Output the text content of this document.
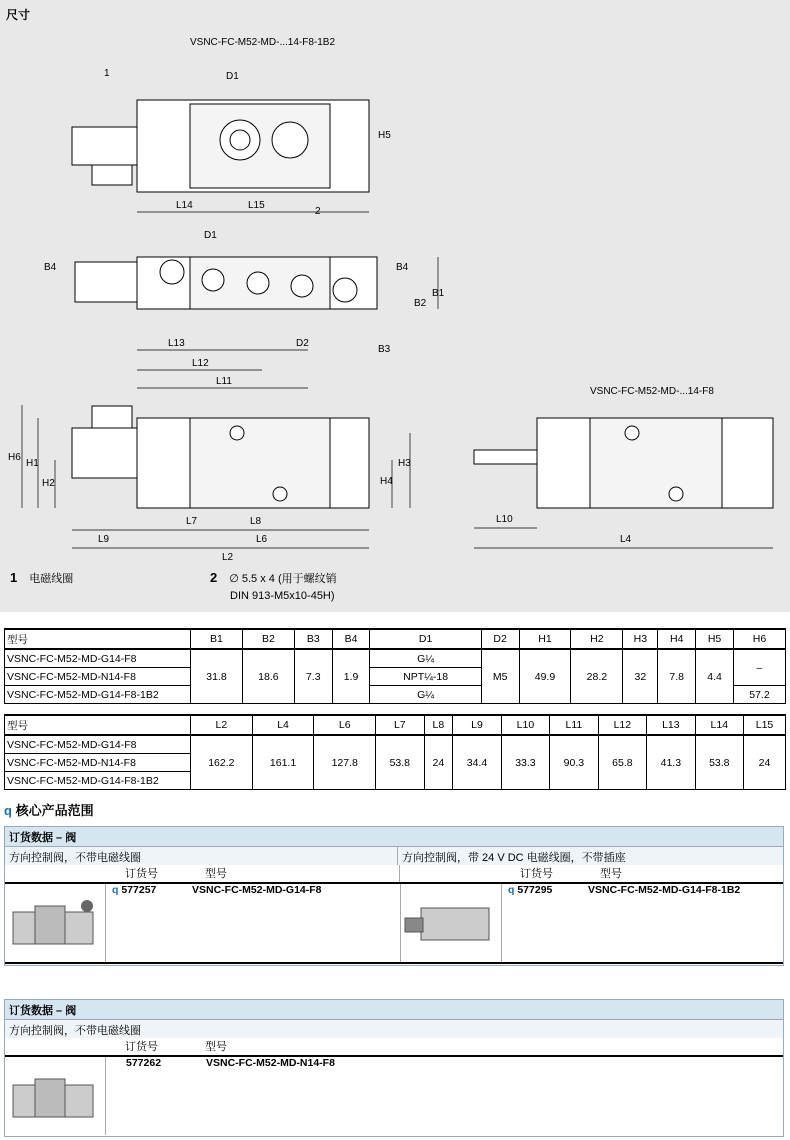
尺寸
VSNC-FC-M52-MD-...14-F8-1B2
VSNC-FC-M52-MD-...14-F8
1
2
D1
H5
L14	L15
D1
B4	B4
B2
B1
B3
L13	D2
L12
L11
H6
H1
H2
H3
H4
L7	L8
L6
L9
L2
L10
L4
1 电磁线圈	2 ∅ 5.5 x 4 (用于螺纹销
DIN 913-M5x10-45H)
型号	B1	B2	B3	B4	D1	D2	H1	H2	H3	H4	H5	H6
VSNC-FC-M52-MD-G14-F8	31.8	18.6	7.3	1.9	G¼	M5	49.9	28.2	32	7.8	4.4	–
VSNC-FC-M52-MD-N14-F8					NPT¼-18							
VSNC-FC-M52-MD-G14-F8-1B2					G¼							57.2
型号	L2	L4	L6	L7	L8	L9	L10	L11	L12	L13	L14	L15
VSNC-FC-M52-MD-G14-F8	162.2	161.1	127.8	53.8	24	34.4	33.3	90.3	65.8	41.3	53.8	24
VSNC-FC-M52-MD-N14-F8												
VSNC-FC-M52-MD-G14-F8-1B2												
q 核心产品范围
订货数据 – 阀
方向控制阀，不带电磁线圈	方向控制阀，带 24 V DC 电磁线圈，不带插座
订货号	型号	订货号	型号
q 577257	VSNC-FC-M52-MD-G14-F8	q 577295	VSNC-FC-M52-MD-G14-F8-1B2
订货数据 – 阀
方向控制阀，不带电磁线圈
订货号	型号
577262	VSNC-FC-M52-MD-N14-F8
